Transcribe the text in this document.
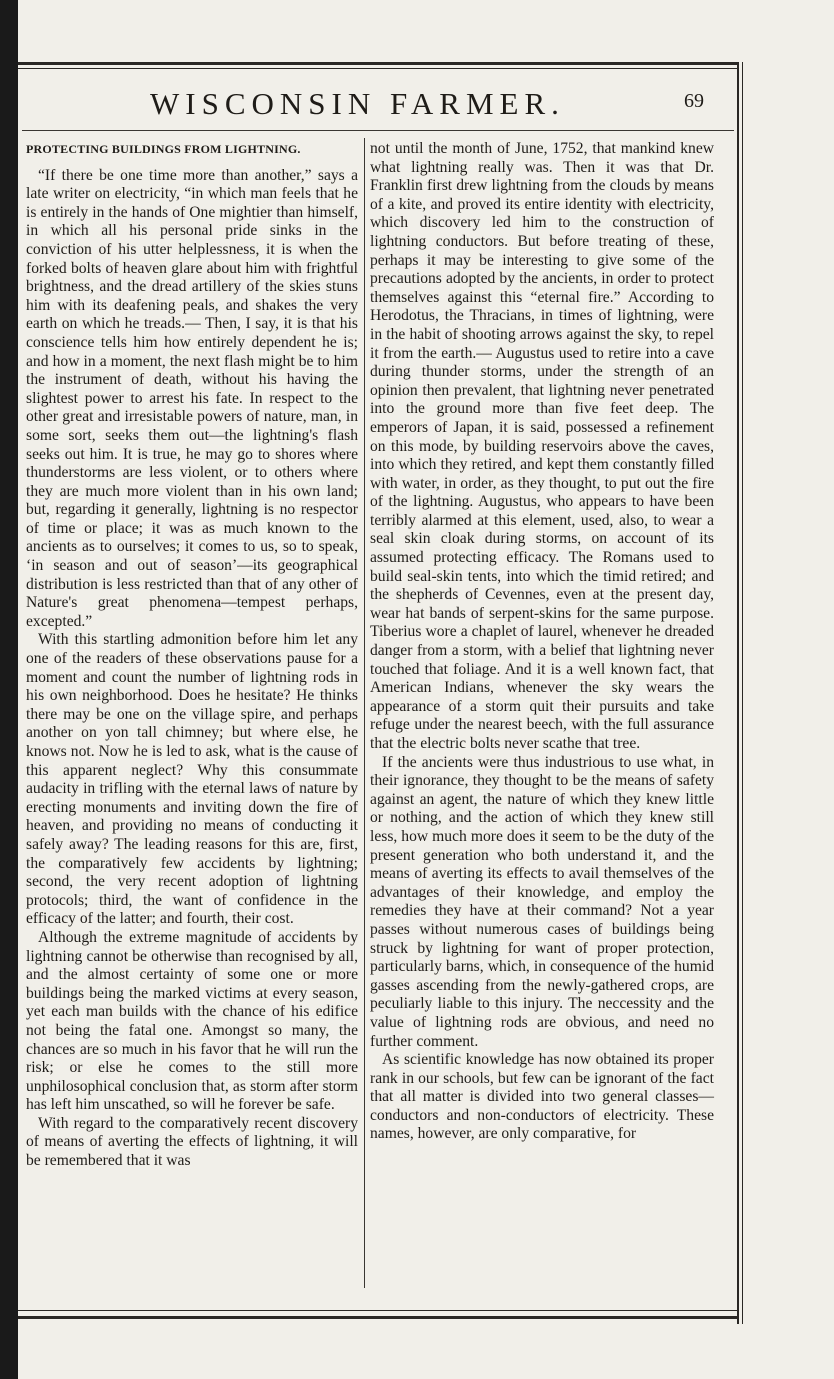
WISCONSIN FARMER.	69
PROTECTING BUILDINGS FROM LIGHTNING.

“If there be one time more than another,” says a late writer on electricity, “in which man feels that he is entirely in the hands of One mightier than himself, in which all his personal pride sinks in the conviction of his utter helplessness, it is when the forked bolts of heaven glare about him with frightful brightness, and the dread artillery of the skies stuns him with its deafening peals, and shakes the very earth on which he treads.— Then, I say, it is that his conscience tells him how entirely dependent he is; and how in a moment, the next flash might be to him the instrument of death, without his having the slightest power to arrest his fate. In respect to the other great and irresistable powers of nature, man, in some sort, seeks them out—the lightning's flash seeks out him. It is true, he may go to shores where thunderstorms are less violent, or to others where they are much more violent than in his own land; but, regarding it generally, lightning is no respector of time or place; it was as much known to the ancients as to ourselves; it comes to us, so to speak, ‘in season and out of season’—its geographical distribution is less restricted than that of any other of Nature's great phenomena—tempest perhaps, excepted.”

With this startling admonition before him let any one of the readers of these observations pause for a moment and count the number of lightning rods in his own neighborhood. Does he hesitate? He thinks there may be one on the village spire, and perhaps another on yon tall chimney; but where else, he knows not. Now he is led to ask, what is the cause of this apparent neglect? Why this consummate audacity in trifling with the eternal laws of nature by erecting monuments and inviting down the fire of heaven, and providing no means of conducting it safely away? The leading reasons for this are, first, the comparatively few accidents by lightning; second, the very recent adoption of lightning protocols; third, the want of confidence in the efficacy of the latter; and fourth, their cost.

Although the extreme magnitude of accidents by lightning cannot be otherwise than recognised by all, and the almost certainty of some one or more buildings being the marked victims at every season, yet each man builds with the chance of his edifice not being the fatal one. Amongst so many, the chances are so much in his favor that he will run the risk; or else he comes to the still more unphilosophical conclusion that, as storm after storm has left him unscathed, so will he forever be safe.

With regard to the comparatively recent discovery of means of averting the effects of lightning, it will be remembered that it was

not until the month of June, 1752, that mankind knew what lightning really was. Then it was that Dr. Franklin first drew lightning from the clouds by means of a kite, and proved its entire identity with electricity, which discovery led him to the construction of lightning conductors. But before treating of these, perhaps it may be interesting to give some of the precautions adopted by the ancients, in order to protect themselves against this “eternal fire.” According to Herodotus, the Thracians, in times of lightning, were in the habit of shooting arrows against the sky, to repel it from the earth.— Augustus used to retire into a cave during thunder storms, under the strength of an opinion then prevalent, that lightning never penetrated into the ground more than five feet deep. The emperors of Japan, it is said, possessed a refinement on this mode, by building reservoirs above the caves, into which they retired, and kept them constantly filled with water, in order, as they thought, to put out the fire of the lightning. Augustus, who appears to have been terribly alarmed at this element, used, also, to wear a seal skin cloak during storms, on account of its assumed protecting efficacy. The Romans used to build seal-skin tents, into which the timid retired; and the shepherds of Cevennes, even at the present day, wear hat bands of serpent-skins for the same purpose. Tiberius wore a chaplet of laurel, whenever he dreaded danger from a storm, with a belief that lightning never touched that foliage. And it is a well known fact, that American Indians, whenever the sky wears the appearance of a storm quit their pursuits and take refuge under the nearest beech, with the full assurance that the electric bolts never scathe that tree.

If the ancients were thus industrious to use what, in their ignorance, they thought to be the means of safety against an agent, the nature of which they knew little or nothing, and the action of which they knew still less, how much more does it seem to be the duty of the present generation who both understand it, and the means of averting its effects to avail themselves of the advantages of their knowledge, and employ the remedies they have at their command? Not a year passes without numerous cases of buildings being struck by lightning for want of proper protection, particularly barns, which, in consequence of the humid gasses ascending from the newly-gathered crops, are peculiarly liable to this injury. The neccessity and the value of lightning rods are obvious, and need no further comment.

As scientific knowledge has now obtained its proper rank in our schools, but few can be ignorant of the fact that all matter is divided into two general classes—conductors and non-conductors of electricity. These names, however, are only comparative, for
